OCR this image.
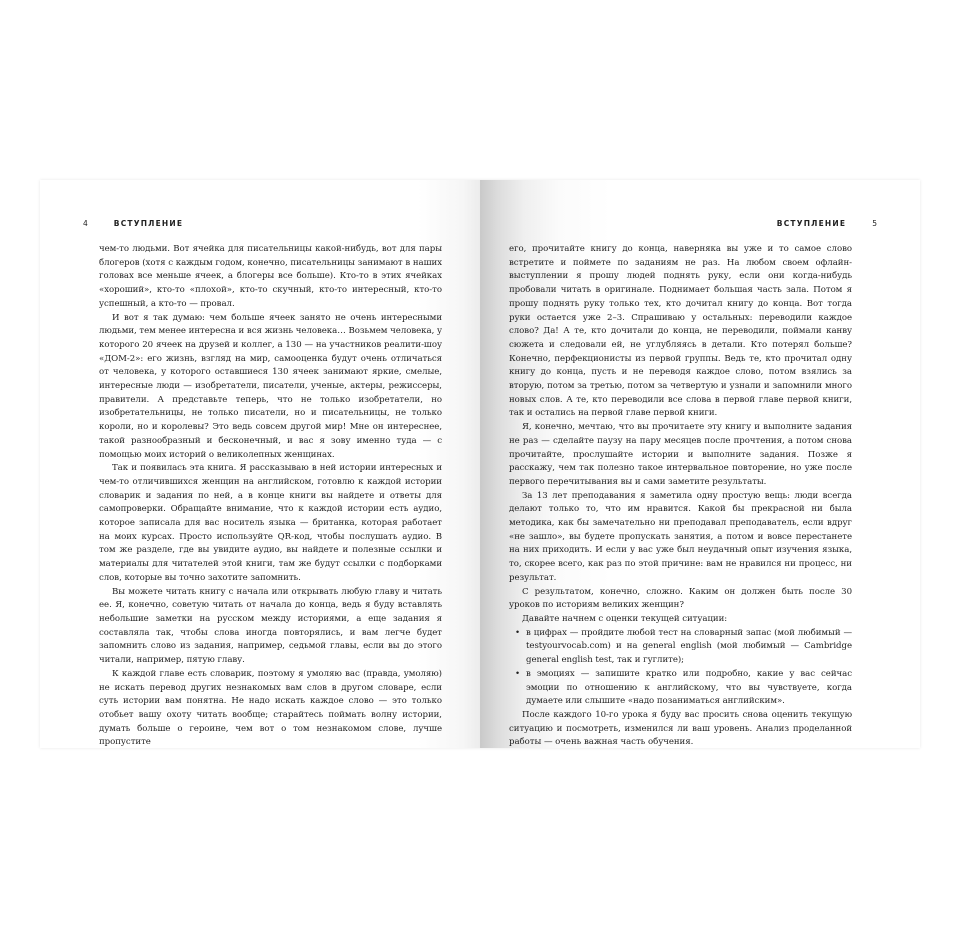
4	ВСТУПЛЕНИЕ

чем-то людьми. Вот ячейка для писательницы какой-нибудь, вот для пары блогеров (хотя с каждым годом, конечно, писательницы занимают в наших головах все меньше ячеек, а блогеры все больше). Кто-то в этих ячейках «хороший», кто-то «плохой», кто-то скучный, кто-то интересный, кто-то успешный, а кто-то — провал.

И вот я так думаю: чем больше ячеек занято не очень интересными людьми, тем менее интересна и вся жизнь человека… Возьмем человека, у которого 20 ячеек на друзей и коллег, а 130 — на участников реалити-шоу «ДОМ-2»: его жизнь, взгляд на мир, самооценка будут очень отличаться от человека, у которого оставшиеся 130 ячеек занимают яркие, смелые, интересные люди — изобретатели, писатели, ученые, актеры, режиссеры, правители. А представьте теперь, что не только изобретатели, но изобретательницы, не только писатели, но и писательницы, не только короли, но и королевы? Это ведь совсем другой мир! Мне он интереснее, такой разнообразный и бесконечный, и вас я зову именно туда — с помощью моих историй о великолепных женщинах.

Так и появилась эта книга. Я рассказываю в ней истории интересных и чем-то отличившихся женщин на английском, готовлю к каждой истории словарик и задания по ней, а в конце книги вы найдете и ответы для самопроверки. Обращайте внимание, что к каждой истории есть аудио, которое записала для вас носитель языка — британка, которая работает на моих курсах. Просто используйте QR-код, чтобы послушать аудио. В том же разделе, где вы увидите аудио, вы найдете и полезные ссылки и материалы для читателей этой книги, там же будут ссылки с подборками слов, которые вы точно захотите запомнить.

Вы можете читать книгу с начала или открывать любую главу и читать ее. Я, конечно, советую читать от начала до конца, ведь я буду вставлять небольшие заметки на русском между историями, а еще задания я составляла так, чтобы слова иногда повторялись, и вам легче будет запомнить слово из задания, например, седьмой главы, если вы до этого читали, например, пятую главу.

К каждой главе есть словарик, поэтому я умоляю вас (правда, умоляю) не искать перевод других незнакомых вам слов в другом словаре, если суть истории вам понятна. Не надо искать каждое слово — это только отобьет вашу охоту читать вообще; старайтесь поймать волну истории, думать больше о героине, чем вот о том незнакомом слове, лучше пропустите

ВСТУПЛЕНИЕ	5

его, прочитайте книгу до конца, наверняка вы уже и то самое слово встретите и поймете по заданиям не раз. На любом своем офлайн-выступлении я прошу людей поднять руку, если они когда-нибудь пробовали читать в оригинале. Поднимает большая часть зала. Потом я прошу поднять руку только тех, кто дочитал книгу до конца. Вот тогда руки остается уже 2–3. Спрашиваю у остальных: переводили каждое слово? Да! А те, кто дочитали до конца, не переводили, поймали канву сюжета и следовали ей, не углубляясь в детали. Кто потерял больше? Конечно, перфекционисты из первой группы. Ведь те, кто прочитал одну книгу до конца, пусть и не переводя каждое слово, потом взялись за вторую, потом за третью, потом за четвертую и узнали и запомнили много новых слов. А те, кто переводили все слова в первой главе первой книги, так и остались на первой главе первой книги.

Я, конечно, мечтаю, что вы прочитаете эту книгу и выполните задания не раз — сделайте паузу на пару месяцев после прочтения, а потом снова прочитайте, прослушайте истории и выполните задания. Позже я расскажу, чем так полезно такое интервальное повторение, но уже после первого перечитывания вы и сами заметите результаты.

За 13 лет преподавания я заметила одну простую вещь: люди всегда делают только то, что им нравится. Какой бы прекрасной ни была методика, как бы замечательно ни преподавал преподаватель, если вдруг «не зашло», вы будете пропускать занятия, а потом и вовсе перестанете на них приходить. И если у вас уже был неудачный опыт изучения языка, то, скорее всего, как раз по этой причине: вам не нравился ни процесс, ни результат.

С результатом, конечно, сложно. Каким он должен быть после 30 уроков по историям великих женщин?

Давайте начнем с оценки текущей ситуации:

• в цифрах — пройдите любой тест на словарный запас (мой любимый — testyourvocab.com) и на general english (мой любимый — Cambridge general english test, так и гуглите);
• в эмоциях — запишите кратко или подробно, какие у вас сейчас эмоции по отношению к английскому, что вы чувствуете, когда думаете или слышите «надо позаниматься английским».

После каждого 10-го урока я буду вас просить снова оценить текущую ситуацию и посмотреть, изменился ли ваш уровень. Анализ проделанной работы — очень важная часть обучения.
